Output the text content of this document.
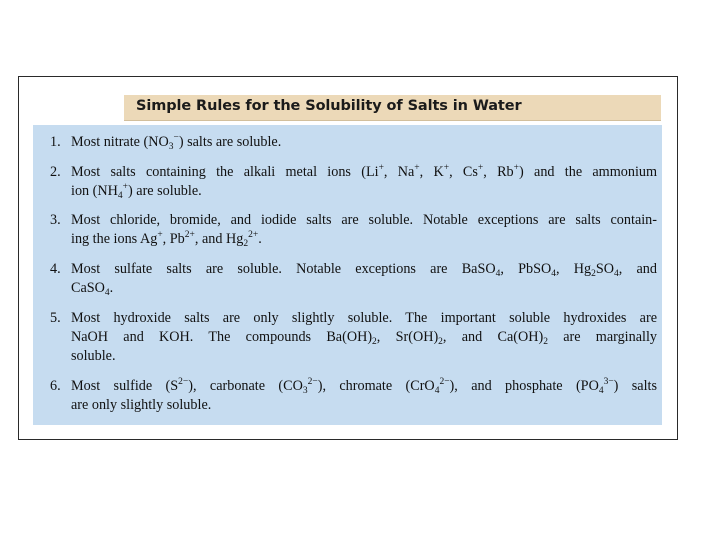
Simple Rules for the Solubility of Salts in Water
1. Most nitrate $(NO_3^-)$ salts are soluble.
2. Most salts containing the alkali metal ions (Li+, Na+, K+, Cs+, Rb+) and the ammonium
ion $(NH_4^+)$ are soluble.
3. Most chloride, bromide, and iodide salts are soluble. Notable exceptions are salts contain-
ing the ions Ag+, $Pb^{2+}$, and $Hg_2^{2+}$.
4. Most sulfate salts are soluble. Notable exceptions are BaSO$_4$, PbSO$_4$, $Hg_2SO_4$, and
CaSO$_4$.
5. Most hydroxide salts are only slightly soluble. The important soluble hydroxides are
NaOH and KOH. The compounds $Ba(OH)_2$, $Sr(OH)_2$, and $Ca(OH)_2$ are marginally
soluble.
6. Most sulfide $(S^{2-})$, carbonate $(CO_3^{2-})$, chromate (CrO$_4^{2-}$), and phosphate $(PO_4^{3-})$ salts
are only slightly soluble.
